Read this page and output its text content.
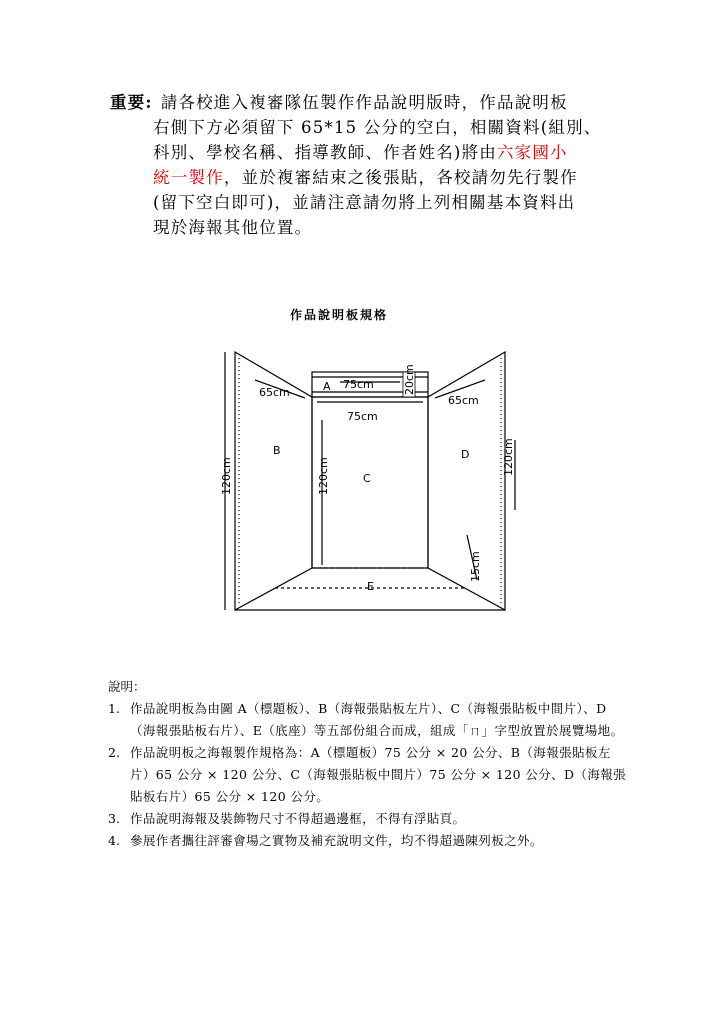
重要: 請各校進入複審隊伍製作作品說明版時，作品說明板
右側下方必須留下 65*15 公分的空白，相關資料(組別、
科別、學校名稱、指導教師、作者姓名)將由六家國小
統一製作，並於複審結束之後張貼，各校請勿先行製作
(留下空白即可)，並請注意請勿將上列相關基本資料出
現於海報其他位置。
作品說明板規格
A
B
C
D
E
75cm
75cm
20cm
65cm
65cm
120cm	120cm
120cm
15cm
說明：
1. 作品說明板為由圖 A（標題板）、B（海報張貼板左片）、C（海報張貼板中間片）、D（海報張貼板右片）、E（底座）等五部份組合而成，組成「ㄇ」字型放置於展覽場地。
2. 作品說明板之海報製作規格為：A（標題板）75 公分 × 20 公分、B（海報張貼板左片）65 公分 × 120 公分、C（海報張貼板中間片）75 公分 × 120 公分、D（海報張貼板右片）65 公分 × 120 公分。
3. 作品說明海報及裝飾物尺寸不得超過邊框，不得有浮貼頁。
4. 參展作者攜往評審會場之實物及補充說明文件，均不得超過陳列板之外。
